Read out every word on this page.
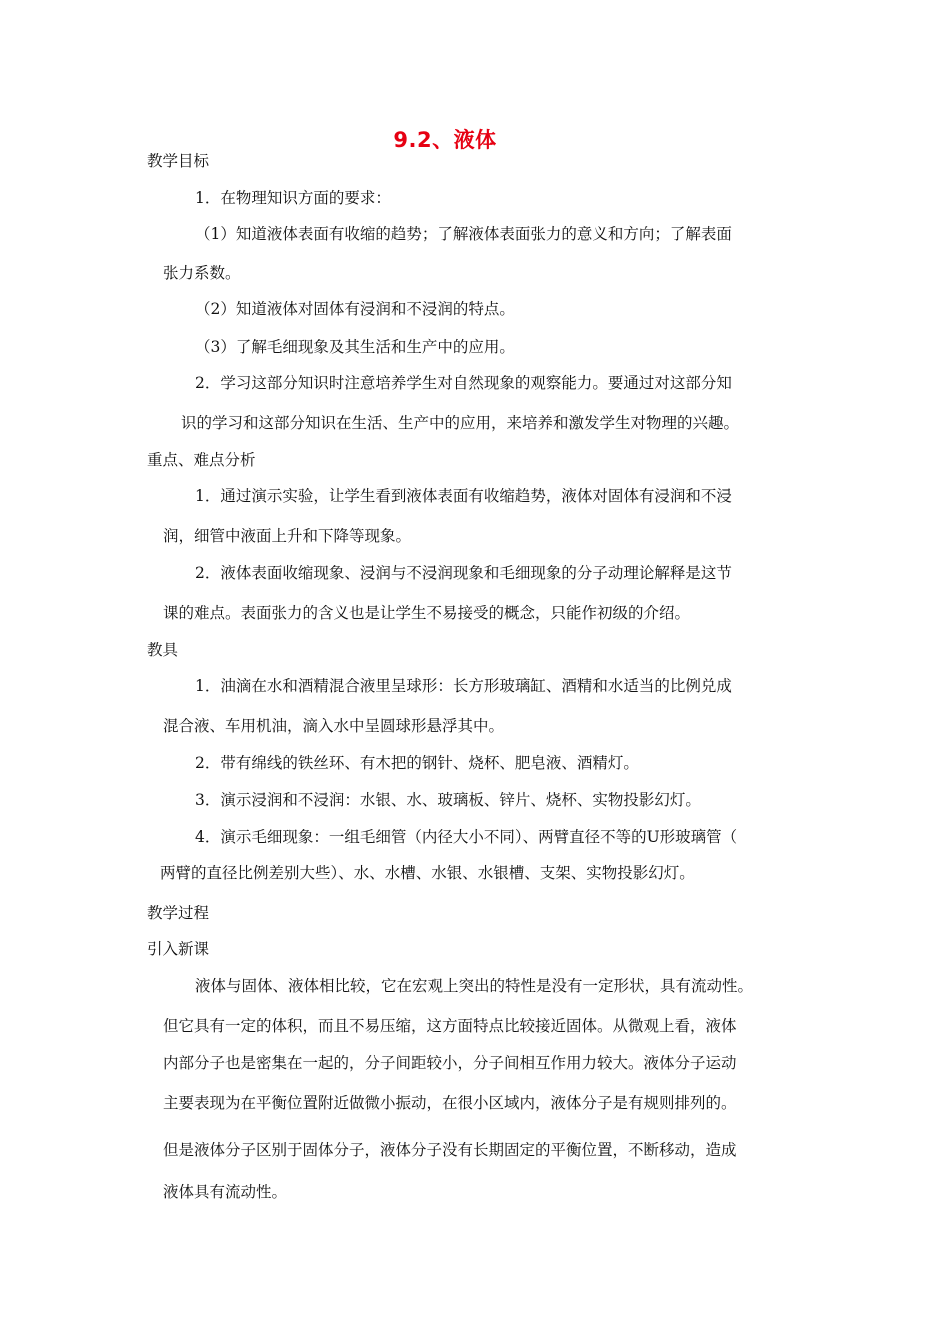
9.2、液体
教学目标
1．在物理知识方面的要求：
（1）知道液体表面有收缩的趋势；了解液体表面张力的意义和方向；了解表面
张力系数。
（2）知道液体对固体有浸润和不浸润的特点。
（3）了解毛细现象及其生活和生产中的应用。
2．学习这部分知识时注意培养学生对自然现象的观察能力。要通过对这部分知
识的学习和这部分知识在生活、生产中的应用，来培养和激发学生对物理的兴趣。
重点、难点分析
1．通过演示实验，让学生看到液体表面有收缩趋势，液体对固体有浸润和不浸
润，细管中液面上升和下降等现象。
2．液体表面收缩现象、浸润与不浸润现象和毛细现象的分子动理论解释是这节
课的难点。表面张力的含义也是让学生不易接受的概念，只能作初级的介绍。
教具
1．油滴在水和酒精混合液里呈球形：长方形玻璃缸、酒精和水适当的比例兑成
混合液、车用机油，滴入水中呈圆球形悬浮其中。
2．带有绵线的铁丝环、有木把的钢针、烧杯、肥皂液、酒精灯。
3．演示浸润和不浸润：水银、水、玻璃板、锌片、烧杯、实物投影幻灯。
4．演示毛细现象：一组毛细管（内径大小不同）、两臂直径不等的U形玻璃管（
两臂的直径比例差别大些）、水、水槽、水银、水银槽、支架、实物投影幻灯。
教学过程
引入新课
液体与固体、液体相比较，它在宏观上突出的特性是没有一定形状，具有流动性。
但它具有一定的体积，而且不易压缩，这方面特点比较接近固体。从微观上看，液体
内部分子也是密集在一起的，分子间距较小，分子间相互作用力较大。液体分子运动
主要表现为在平衡位置附近做微小振动，在很小区域内，液体分子是有规则排列的。
但是液体分子区别于固体分子，液体分子没有长期固定的平衡位置，不断移动，造成
液体具有流动性。
